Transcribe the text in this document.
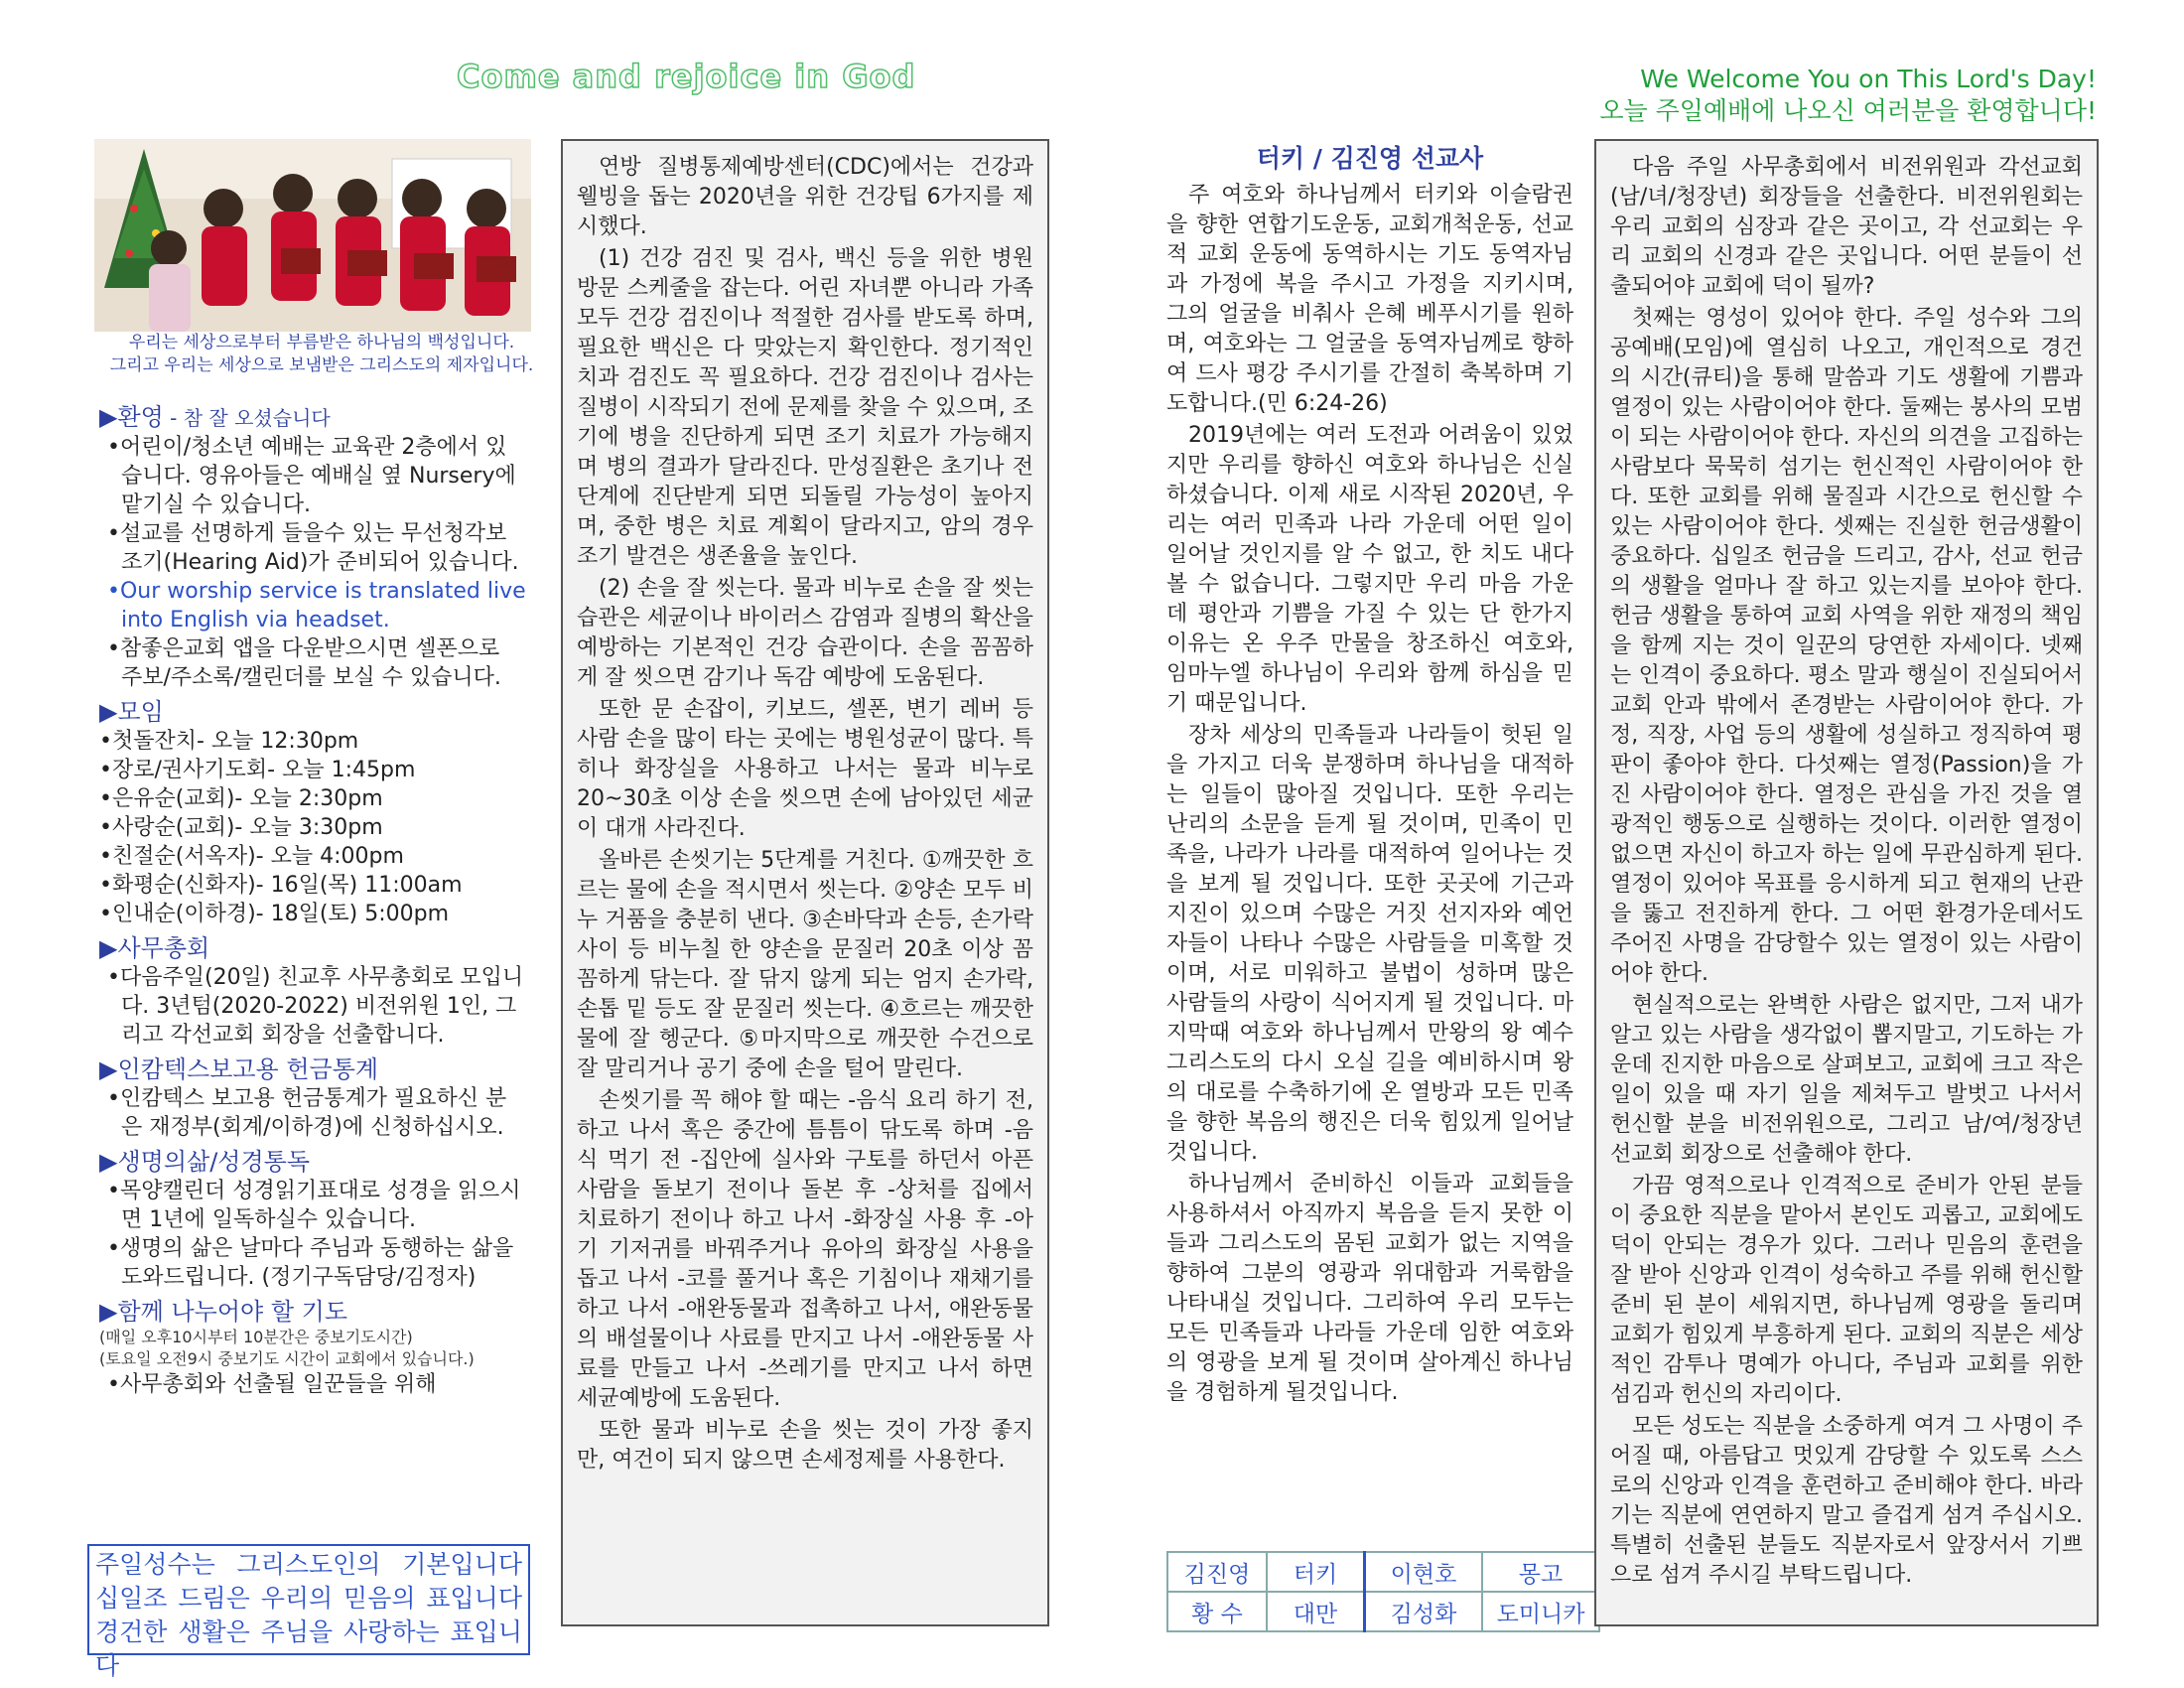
Come and rejoice in God	We Welcome You on This Lord's Day!
오늘 주일예배에 나오신 여러분을 환영합니다!
우리는 세상으로부터 부름받은 하나님의 백성입니다.
그리고 우리는 세상으로 보냄받은 그리스도의 제자입니다.
▶환영 - 참 잘 오셨습니다
•어린이/청소년 예배는 교육관 2층에서 있습니다. 영유아들은 예배실 옆 Nursery에 맡기실 수 있습니다.
•설교를 선명하게 들을수 있는 무선청각보조기(Hearing Aid)가 준비되어 있습니다.
•Our worship service is translated live into English via headset.
•참좋은교회 앱을 다운받으시면 셀폰으로 주보/주소록/캘린더를 보실 수 있습니다.
▶모임
•첫돌잔치- 오늘 12:30pm
•장로/권사기도회- 오늘 1:45pm
•은유순(교회)- 오늘 2:30pm
•사랑순(교회)- 오늘 3:30pm
•친절순(서옥자)- 오늘 4:00pm
•화평순(신화자)- 16일(목) 11:00am
•인내순(이하경)- 18일(토) 5:00pm
▶사무총회
•다음주일(20일) 친교후 사무총회로 모입니다. 3년텀(2020-2022) 비전위원 1인, 그리고 각선교회 회장을 선출합니다.
▶인캄텍스보고용 헌금통계
•인캄텍스 보고용 헌금통계가 필요하신 분은 재정부(회계/이하경)에 신청하십시오.
▶생명의삶/성경통독
•목양캘린더 성경읽기표대로 성경을 읽으시면 1년에 일독하실수 있습니다.
•생명의 삶은 날마다 주님과 동행하는 삶을 도와드립니다. (정기구독담당/김정자)
▶함께 나누어야 할 기도
(매일 오후10시부터 10분간은 중보기도시간)
(토요일 오전9시 중보기도 시간이 교회에서 있습니다.)
•사무총회와 선출될 일꾼들을 위해
주일성수는 그리스도인의 기본입니다
십일조 드림은 우리의 믿음의 표입니다
경건한 생활은 주님을 사랑하는 표입니다

연방 질병통제예방센터(CDC)에서는 건강과 웰빙을 돕는 2020년을 위한 건강팁 6가지를 제시했다.

(1) 건강 검진 및 검사, 백신 등을 위한 병원 방문 스케줄을 잡는다. 어린 자녀뿐 아니라 가족 모두 건강 검진이나 적절한 검사를 받도록 하며, 필요한 백신은 다 맞았는지 확인한다. 정기적인 치과 검진도 꼭 필요하다. 건강 검진이나 검사는 질병이 시작되기 전에 문제를 찾을 수 있으며, 조기에 병을 진단하게 되면 조기 치료가 가능해지며 병의 결과가 달라진다. 만성질환은 초기나 전단계에 진단받게 되면 되돌릴 가능성이 높아지며, 중한 병은 치료 계획이 달라지고, 암의 경우 조기 발견은 생존율을 높인다.

(2) 손을 잘 씻는다. 물과 비누로 손을 잘 씻는 습관은 세균이나 바이러스 감염과 질병의 확산을 예방하는 기본적인 건강 습관이다. 손을 꼼꼼하게 잘 씻으면 감기나 독감 예방에 도움된다.

또한 문 손잡이, 키보드, 셀폰, 변기 레버 등 사람 손을 많이 타는 곳에는 병원성균이 많다. 특히나 화장실을 사용하고 나서는 물과 비누로 20~30초 이상 손을 씻으면 손에 남아있던 세균이 대개 사라진다.

올바른 손씻기는 5단계를 거친다. ①깨끗한 흐르는 물에 손을 적시면서 씻는다. ②양손 모두 비누 거품을 충분히 낸다. ③손바닥과 손등, 손가락 사이 등 비누칠 한 양손을 문질러 20초 이상 꼼꼼하게 닦는다. 잘 닦지 않게 되는 엄지 손가락, 손톱 밑 등도 잘 문질러 씻는다. ④흐르는 깨끗한 물에 잘 헹군다. ⑤마지막으로 깨끗한 수건으로 잘 말리거나 공기 중에 손을 털어 말린다.

손씻기를 꼭 해야 할 때는 -음식 요리 하기 전, 하고 나서 혹은 중간에 틈틈이 닦도록 하며 -음식 먹기 전 -집안에 실사와 구토를 하던서 아픈 사람을 돌보기 전이나 돌본 후 -상처를 집에서 치료하기 전이나 하고 나서 -화장실 사용 후 -아기 기저귀를 바꿔주거나 유아의 화장실 사용을 돕고 나서 -코를 풀거나 혹은 기침이나 재채기를 하고 나서 -애완동물과 접촉하고 나서, 애완동물의 배설물이나 사료를 만지고 나서 -애완동물 사료를 만들고 나서 -쓰레기를 만지고 나서 하면 세균예방에 도움된다.

또한 물과 비누로 손을 씻는 것이 가장 좋지만, 여건이 되지 않으면 손세정제를 사용한다.

터키 / 김진영 선교사

주 여호와 하나님께서 터키와 이슬람권을 향한 연합기도운동, 교회개척운동, 선교적 교회 운동에 동역하시는 기도 동역자님과 가정에 복을 주시고 가정을 지키시며, 그의 얼굴을 비춰사 은혜 베푸시기를 원하며, 여호와는 그 얼굴을 동역자님께로 향하여 드사 평강 주시기를 간절히 축복하며 기도합니다.(민 6:24-26)

2019년에는 여러 도전과 어려움이 있었지만 우리를 향하신 여호와 하나님은 신실하셨습니다. 이제 새로 시작된 2020년, 우리는 여러 민족과 나라 가운데 어떤 일이 일어날 것인지를 알 수 없고, 한 치도 내다 볼 수 없습니다. 그렇지만 우리 마음 가운데 평안과 기쁨을 가질 수 있는 단 한가지 이유는 온 우주 만물을 창조하신 여호와, 임마누엘 하나님이 우리와 함께 하심을 믿기 때문입니다.

장차 세상의 민족들과 나라들이 헛된 일을 가지고 더욱 분쟁하며 하나님을 대적하는 일들이 많아질 것입니다. 또한 우리는 난리의 소문을 듣게 될 것이며, 민족이 민족을, 나라가 나라를 대적하여 일어나는 것을 보게 될 것입니다. 또한 곳곳에 기근과 지진이 있으며 수많은 거짓 선지자와 예언자들이 나타나 수많은 사람들을 미혹할 것이며, 서로 미워하고 불법이 성하며 많은 사람들의 사랑이 식어지게 될 것입니다. 마지막때 여호와 하나님께서 만왕의 왕 예수 그리스도의 다시 오실 길을 예비하시며 왕의 대로를 수축하기에 온 열방과 모든 민족을 향한 복음의 행진은 더욱 힘있게 일어날 것입니다.

하나님께서 준비하신 이들과 교회들을 사용하셔서 아직까지 복음을 듣지 못한 이들과 그리스도의 몸된 교회가 없는 지역을 향하여 그분의 영광과 위대함과 거룩함을 나타내실 것입니다. 그리하여 우리 모두는 모든 민족들과 나라들 가운데 임한 여호와의 영광을 보게 될 것이며 살아계신 하나님을 경험하게 될것입니다.

김진영	터키	이현호	몽고
황 수	대만	김성화	도미니카

다음 주일 사무총회에서 비전위원과 각선교회(남/녀/청장년) 회장들을 선출한다. 비전위원회는 우리 교회의 심장과 같은 곳이고, 각 선교회는 우리 교회의 신경과 같은 곳입니다. 어떤 분들이 선출되어야 교회에 덕이 될까?

첫째는 영성이 있어야 한다. 주일 성수와 그의 공예배(모임)에 열심히 나오고, 개인적으로 경건의 시간(큐티)을 통해 말씀과 기도 생활에 기쁨과 열정이 있는 사람이어야 한다. 둘째는 봉사의 모범이 되는 사람이어야 한다. 자신의 의견을 고집하는 사람보다 묵묵히 섬기는 헌신적인 사람이어야 한다. 또한 교회를 위해 물질과 시간으로 헌신할 수 있는 사람이어야 한다. 셋째는 진실한 헌금생활이 중요하다. 십일조 헌금을 드리고, 감사, 선교 헌금의 생활을 얼마나 잘 하고 있는지를 보아야 한다. 헌금 생활을 통하여 교회 사역을 위한 재정의 책임을 함께 지는 것이 일꾼의 당연한 자세이다. 넷째는 인격이 중요하다. 평소 말과 행실이 진실되어서 교회 안과 밖에서 존경받는 사람이어야 한다. 가정, 직장, 사업 등의 생활에 성실하고 정직하여 평판이 좋아야 한다. 다섯째는 열정(Passion)을 가진 사람이어야 한다. 열정은 관심을 가진 것을 열광적인 행동으로 실행하는 것이다. 이러한 열정이 없으면 자신이 하고자 하는 일에 무관심하게 된다. 열정이 있어야 목표를 응시하게 되고 현재의 난관을 뚫고 전진하게 한다. 그 어떤 환경가운데서도 주어진 사명을 감당할수 있는 열정이 있는 사람이어야 한다.

현실적으로는 완벽한 사람은 없지만, 그저 내가 알고 있는 사람을 생각없이 뽑지말고, 기도하는 가운데 진지한 마음으로 살펴보고, 교회에 크고 작은 일이 있을 때 자기 일을 제쳐두고 발벗고 나서서 헌신할 분을 비전위원으로, 그리고 남/여/청장년 선교회 회장으로 선출해야 한다.

가끔 영적으로나 인격적으로 준비가 안된 분들이 중요한 직분을 맡아서 본인도 괴롭고, 교회에도 덕이 안되는 경우가 있다. 그러나 믿음의 훈련을 잘 받아 신앙과 인격이 성숙하고 주를 위해 헌신할 준비 된 분이 세워지면, 하나님께 영광을 돌리며 교회가 힘있게 부흥하게 된다. 교회의 직분은 세상적인 감투나 명예가 아니다, 주님과 교회를 위한 섬김과 헌신의 자리이다.

모든 성도는 직분을 소중하게 여겨 그 사명이 주어질 때, 아름답고 멋있게 감당할 수 있도록 스스로의 신앙과 인격을 훈련하고 준비해야 한다. 바라기는 직분에 연연하지 말고 즐겁게 섬겨 주십시오. 특별히 선출된 분들도 직분자로서 앞장서서 기쁘으로 섬겨 주시길 부탁드립니다.
